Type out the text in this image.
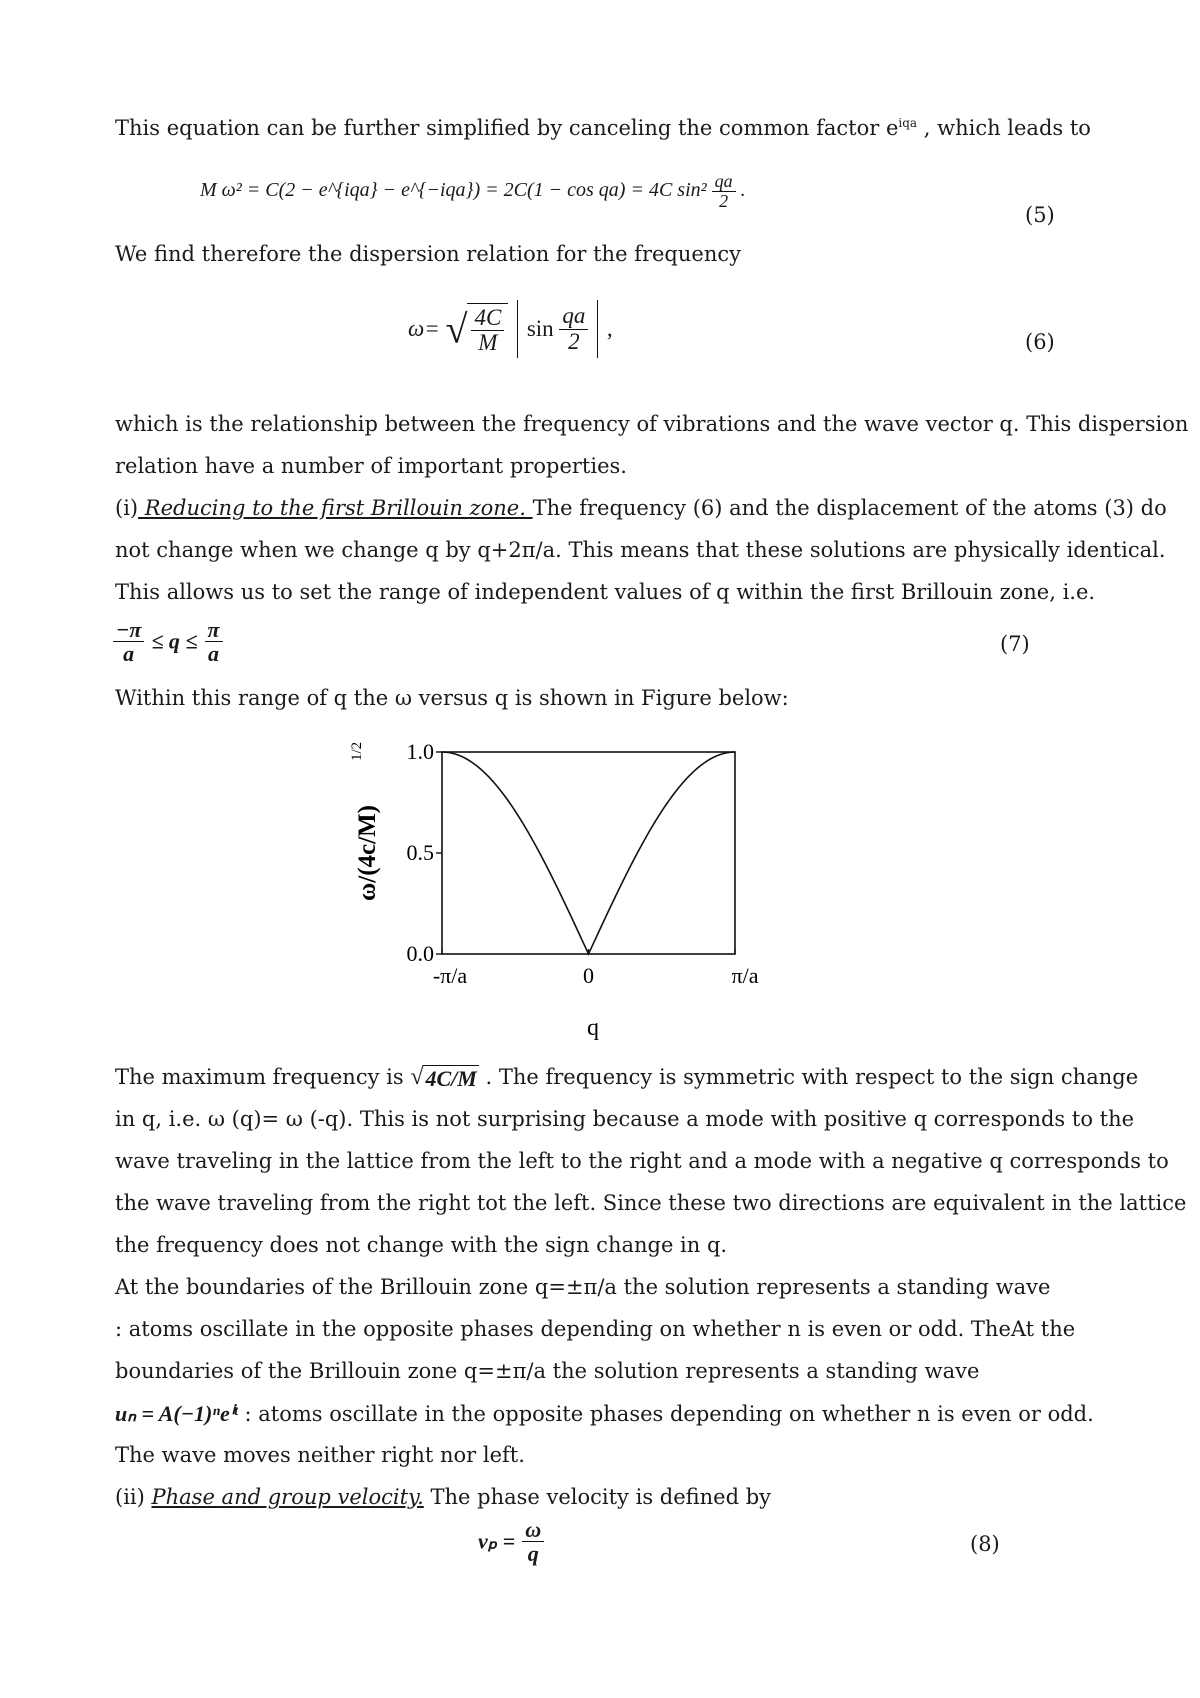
This equation can be further simplified by canceling the common factor $e^{iqa}$ , which leads to
M ω² = C(2 − e^{iqa} − e^{−iqa}) = 2C(1 − cos qa) = 4C $\sin^2 \frac{qa}{2}$ .
(5)
We find therefore the dispersion relation for the frequency
ω= √ $\frac{4C}{M}$ $\sin \frac{qa}{2}$ ,
(6)
which is the relationship between the frequency of vibrations and the wave vector q. This dispersion
relation have a number of important properties.
(i) Reducing to the first Brillouin zone. The frequency (6) and the displacement of the atoms (3) do
not change when we change q by q+2π/a. This means that these solutions are physically identical.
This allows us to set the range of independent values of q within the first Brillouin zone, i.e.
$\frac{-\pi}{a} \le q \le \frac{\pi}{a}$	(7)
Within this range of q the ω versus q is shown in Figure below:
0.0
0.5
1.0
-π/a	0	π/a
q
ω/(4c/M)
1/2
The maximum frequency is √4C/M . The frequency is symmetric with respect to the sign change
in q, i.e. ω (q)= ω (-q). This is not surprising because a mode with positive q corresponds to the
wave traveling in the lattice from the left to the right and a mode with a negative q corresponds to
the wave traveling from the right tot the left. Since these two directions are equivalent in the lattice
the frequency does not change with the sign change in q.
At the boundaries of the Brillouin zone q=±π/a the solution represents a standing wave
: atoms oscillate in the opposite phases depending on whether n is even or odd. TheAt the
boundaries of the Brillouin zone q=±π/a the solution represents a standing wave
uₙ = A(−1)ⁿeⁱᵗ : atoms oscillate in the opposite phases depending on whether n is even or odd.
The wave moves neither right nor left.
(ii) Phase and group velocity. The phase velocity is defined by
$v_p = \frac{\omega}{q}$	(8)
